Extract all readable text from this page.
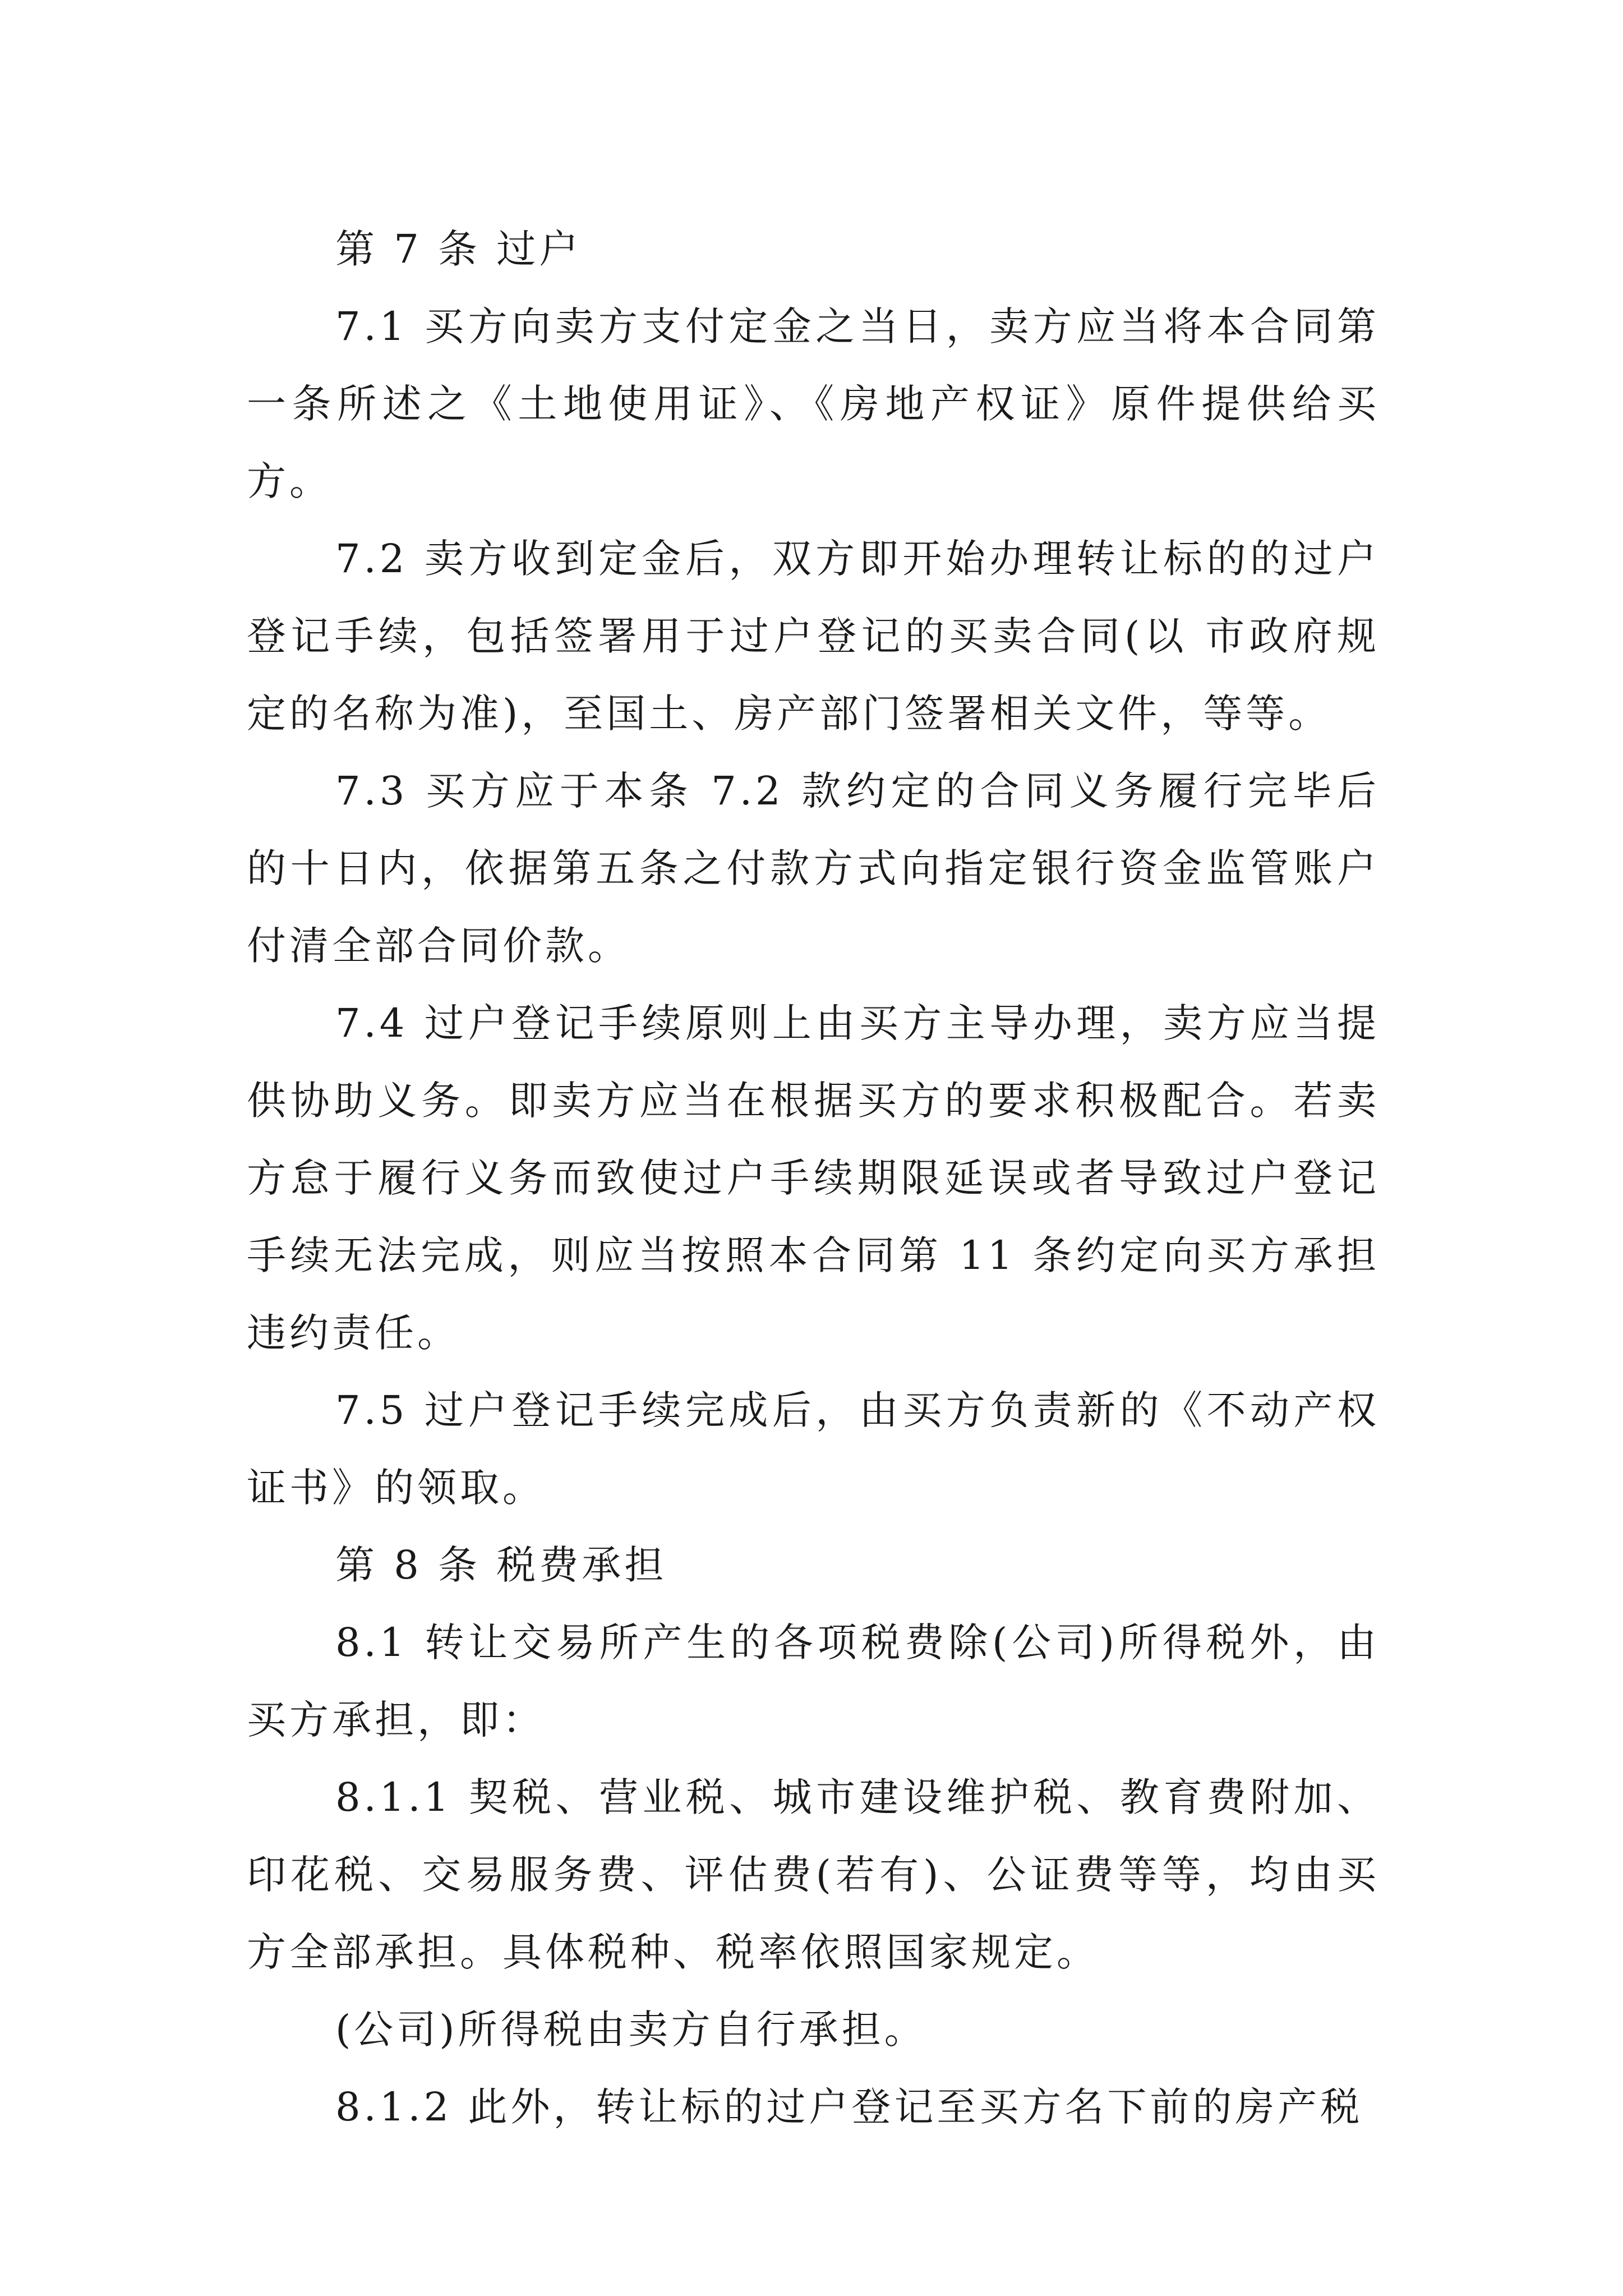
第 7 条 过户

7.1 买方向卖方支付定金之当日，卖方应当将本合同第一条所述之《土地使用证》、《房地产权证》原件提供给买方。

7.2 卖方收到定金后，双方即开始办理转让标的的过户登记手续，包括签署用于过户登记的买卖合同(以 市政府规定的名称为准)，至国土、房产部门签署相关文件，等等。

7.3 买方应于本条 7.2 款约定的合同义务履行完毕后的十日内，依据第五条之付款方式向指定银行资金监管账户付清全部合同价款。

7.4 过户登记手续原则上由买方主导办理，卖方应当提供协助义务。即卖方应当在根据买方的要求积极配合。若卖方怠于履行义务而致使过户手续期限延误或者导致过户登记手续无法完成，则应当按照本合同第 11 条约定向买方承担违约责任。

7.5 过户登记手续完成后，由买方负责新的《不动产权证书》的领取。

第 8 条 税费承担

8.1 转让交易所产生的各项税费除(公司)所得税外，由买方承担，即：

8.1.1 契税、营业税、城市建设维护税、教育费附加、印花税、交易服务费、评估费(若有)、公证费等等，均由买方全部承担。具体税种、税率依照国家规定。

(公司)所得税由卖方自行承担。

8.1.2 此外，转让标的过户登记至买方名下前的房产税
